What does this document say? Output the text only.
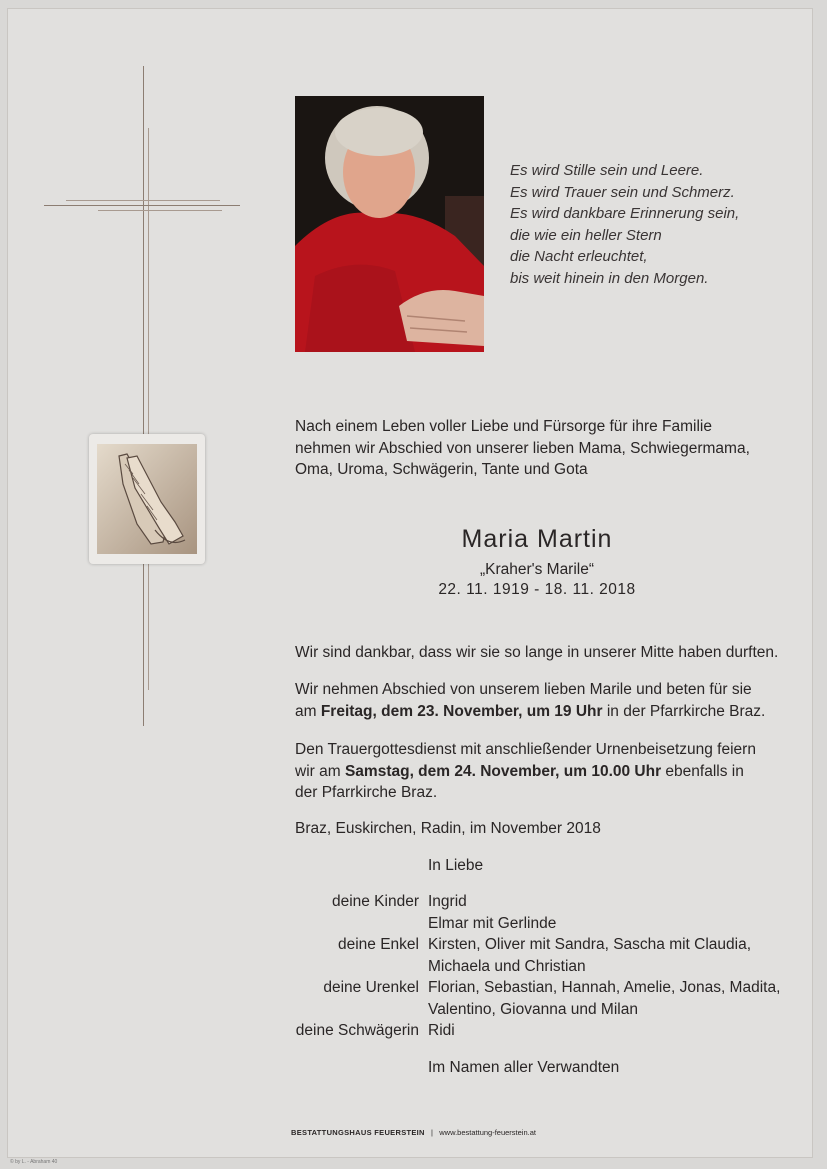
Es wird Stille sein und Leere.
Es wird Trauer sein und Schmerz.
Es wird dankbare Erinnerung sein,
die wie ein heller Stern
die Nacht erleuchtet,
bis weit hinein in den Morgen.
Nach einem Leben voller Liebe und Fürsorge für ihre Familie
nehmen wir Abschied von unserer lieben Mama, Schwiegermama,
Oma, Uroma, Schwägerin, Tante und Gota
Maria Martin
„Kraher's Marile“
22. 11. 1919 - 18. 11. 2018
Wir sind dankbar, dass wir sie so lange in unserer Mitte haben durften.
Wir nehmen Abschied von unserem lieben Marile und beten für sie
am Freitag, dem 23. November, um 19 Uhr in der Pfarrkirche Braz.
Den Trauergottesdienst mit anschließender Urnenbeisetzung feiern
wir am Samstag, dem 24. November, um 10.00 Uhr ebenfalls in
der Pfarrkirche Braz.
Braz, Euskirchen, Radin, im November 2018
In Liebe
deine Kinder Ingrid
Elmar mit Gerlinde
deine Enkel Kirsten, Oliver mit Sandra, Sascha mit Claudia,
Michaela und Christian
deine Urenkel Florian, Sebastian, Hannah, Amelie, Jonas, Madita,
Valentino, Giovanna und Milan
deine Schwägerin Ridi
Im Namen aller Verwandten
BESTATTUNGSHAUS FEUERSTEIN | www.bestattung-feuerstein.at
© by L. - Abraham 40
